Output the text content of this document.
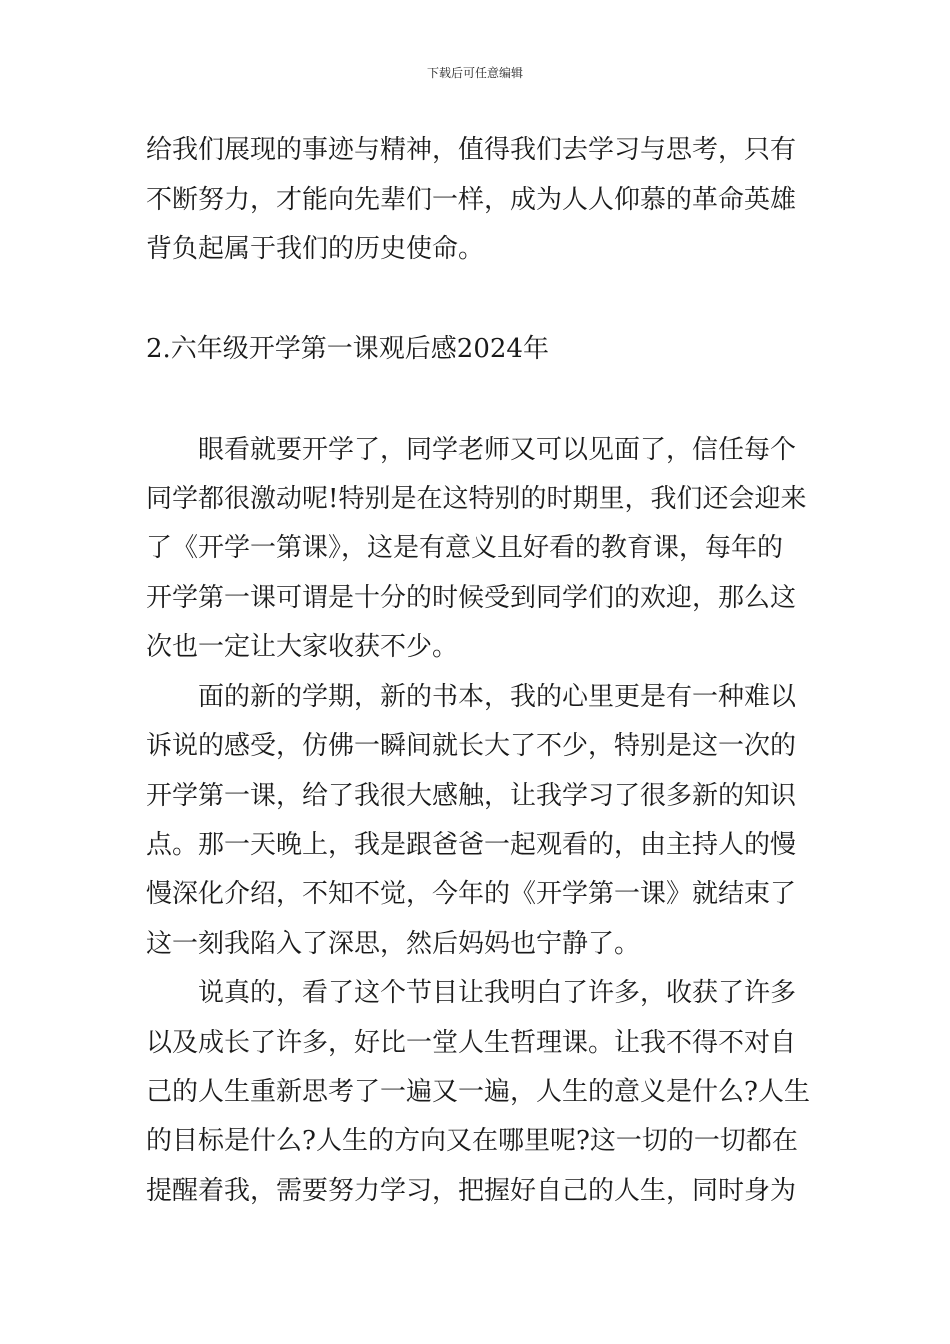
下载后可任意编辑
给我们展现的事迹与精神，值得我们去学习与思考，只有
不断努力，才能向先辈们一样，成为人人仰慕的革命英雄
背负起属于我们的历史使命。
2.六年级开学第一课观后感2024年
眼看就要开学了，同学老师又可以见面了，信任每个
同学都很激动呢!特别是在这特别的时期里，我们还会迎来
了《开学一第课》，这是有意义且好看的教育课，每年的
开学第一课可谓是十分的时候受到同学们的欢迎，那么这
次也一定让大家收获不少。
面的新的学期，新的书本，我的心里更是有一种难以
诉说的感受，仿佛一瞬间就长大了不少，特别是这一次的
开学第一课，给了我很大感触，让我学习了很多新的知识
点。那一天晚上，我是跟爸爸一起观看的，由主持人的慢
慢深化介绍，不知不觉，今年的《开学第一课》就结束了
这一刻我陷入了深思，然后妈妈也宁静了。
说真的，看了这个节目让我明白了许多，收获了许多
以及成长了许多，好比一堂人生哲理课。让我不得不对自
己的人生重新思考了一遍又一遍，人生的意义是什么?人生
的目标是什么?人生的方向又在哪里呢?这一切的一切都在
提醒着我，需要努力学习，把握好自己的人生，同时身为
